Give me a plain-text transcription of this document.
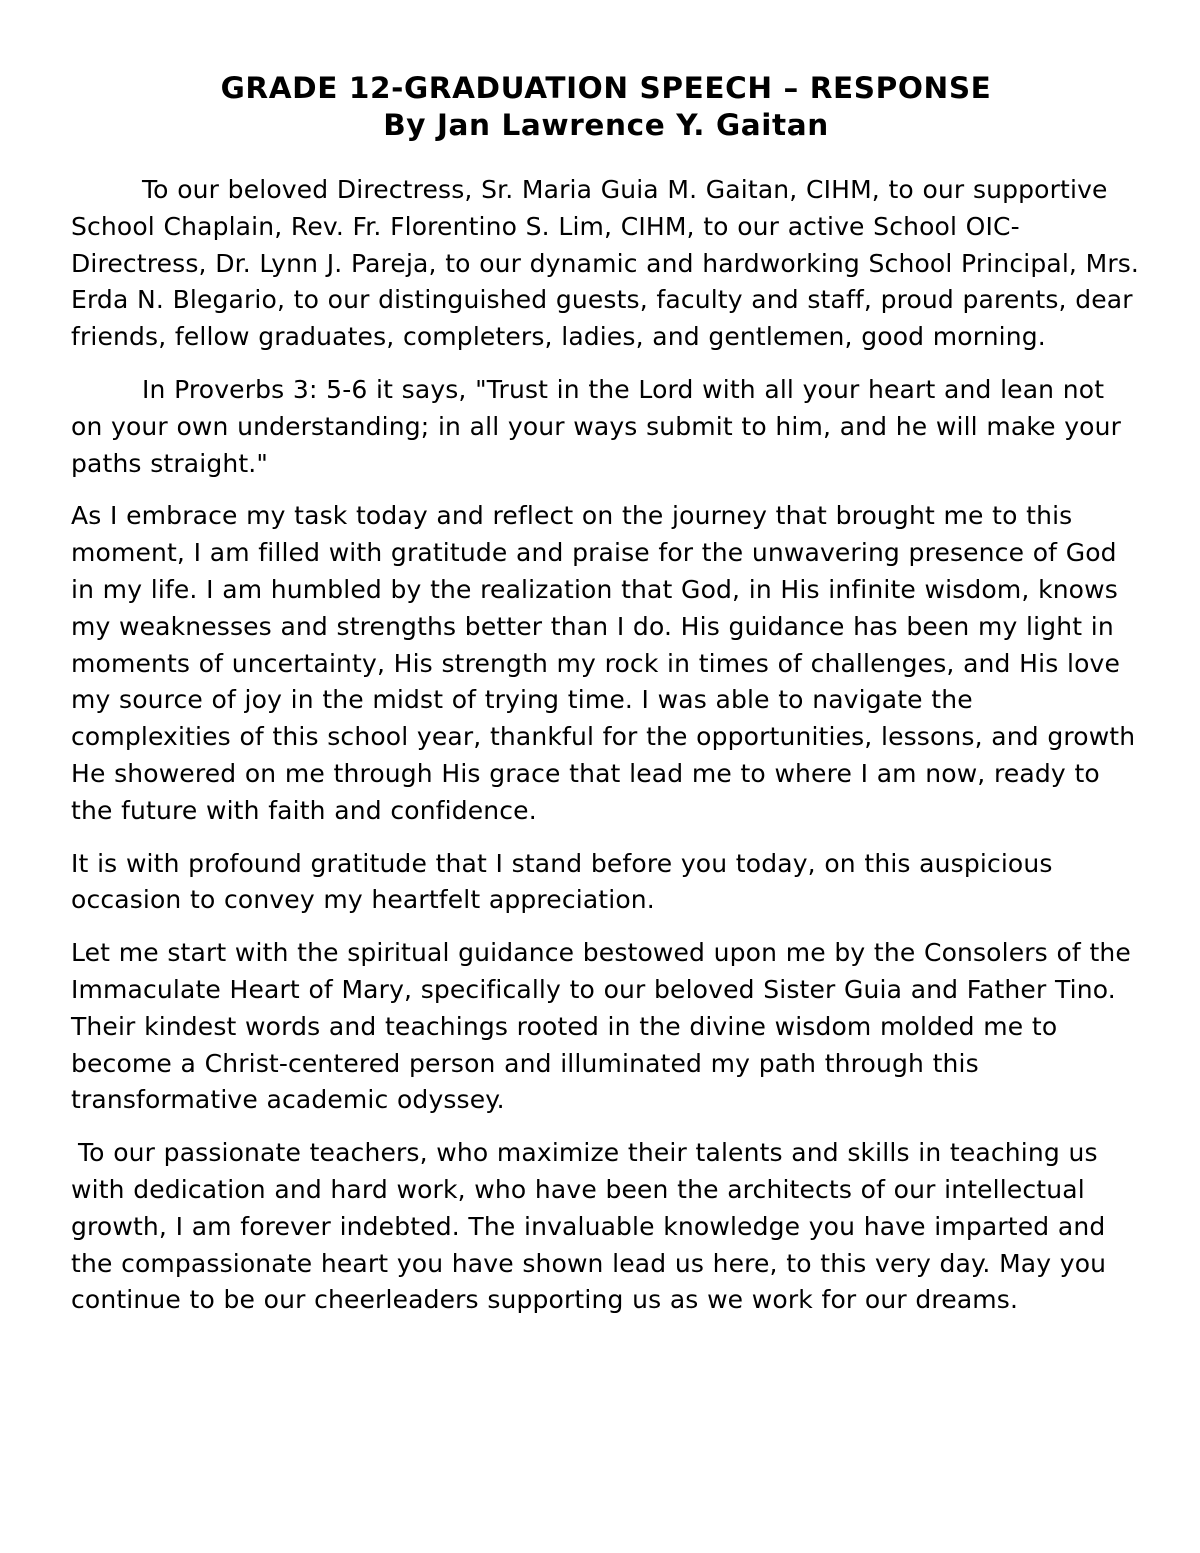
GRADE 12-GRADUATION SPEECH – RESPONSE

By Jan Lawrence Y. Gaitan

To our beloved Directress, Sr. Maria Guia M. Gaitan, CIHM, to our supportive School Chaplain, Rev. Fr. Florentino S. Lim, CIHM, to our active School OIC-Directress, Dr. Lynn J. Pareja, to our dynamic and hardworking School Principal, Mrs. Erda N. Blegario, to our distinguished guests, faculty and staff, proud parents, dear friends, fellow graduates, completers, ladies, and gentlemen, good morning.

In Proverbs 3: 5-6 it says, "Trust in the Lord with all your heart and lean not on your own understanding; in all your ways submit to him, and he will make your paths straight."

As I embrace my task today and reflect on the journey that brought me to this moment, I am filled with gratitude and praise for the unwavering presence of God in my life. I am humbled by the realization that God, in His infinite wisdom, knows my weaknesses and strengths better than I do. His guidance has been my light in moments of uncertainty, His strength my rock in times of challenges, and His love my source of joy in the midst of trying time. I was able to navigate the complexities of this school year, thankful for the opportunities, lessons, and growth He showered on me through His grace that lead me to where I am now, ready to the future with faith and confidence.

It is with profound gratitude that I stand before you today, on this auspicious occasion to convey my heartfelt appreciation.

Let me start with the spiritual guidance bestowed upon me by the Consolers of the Immaculate Heart of Mary, specifically to our beloved Sister Guia and Father Tino. Their kindest words and teachings rooted in the divine wisdom molded me to become a Christ-centered person and illuminated my path through this transformative academic odyssey.

To our passionate teachers, who maximize their talents and skills in teaching us with dedication and hard work, who have been the architects of our intellectual growth, I am forever indebted. The invaluable knowledge you have imparted and the compassionate heart you have shown lead us here, to this very day. May you continue to be our cheerleaders supporting us as we work for our dreams.
